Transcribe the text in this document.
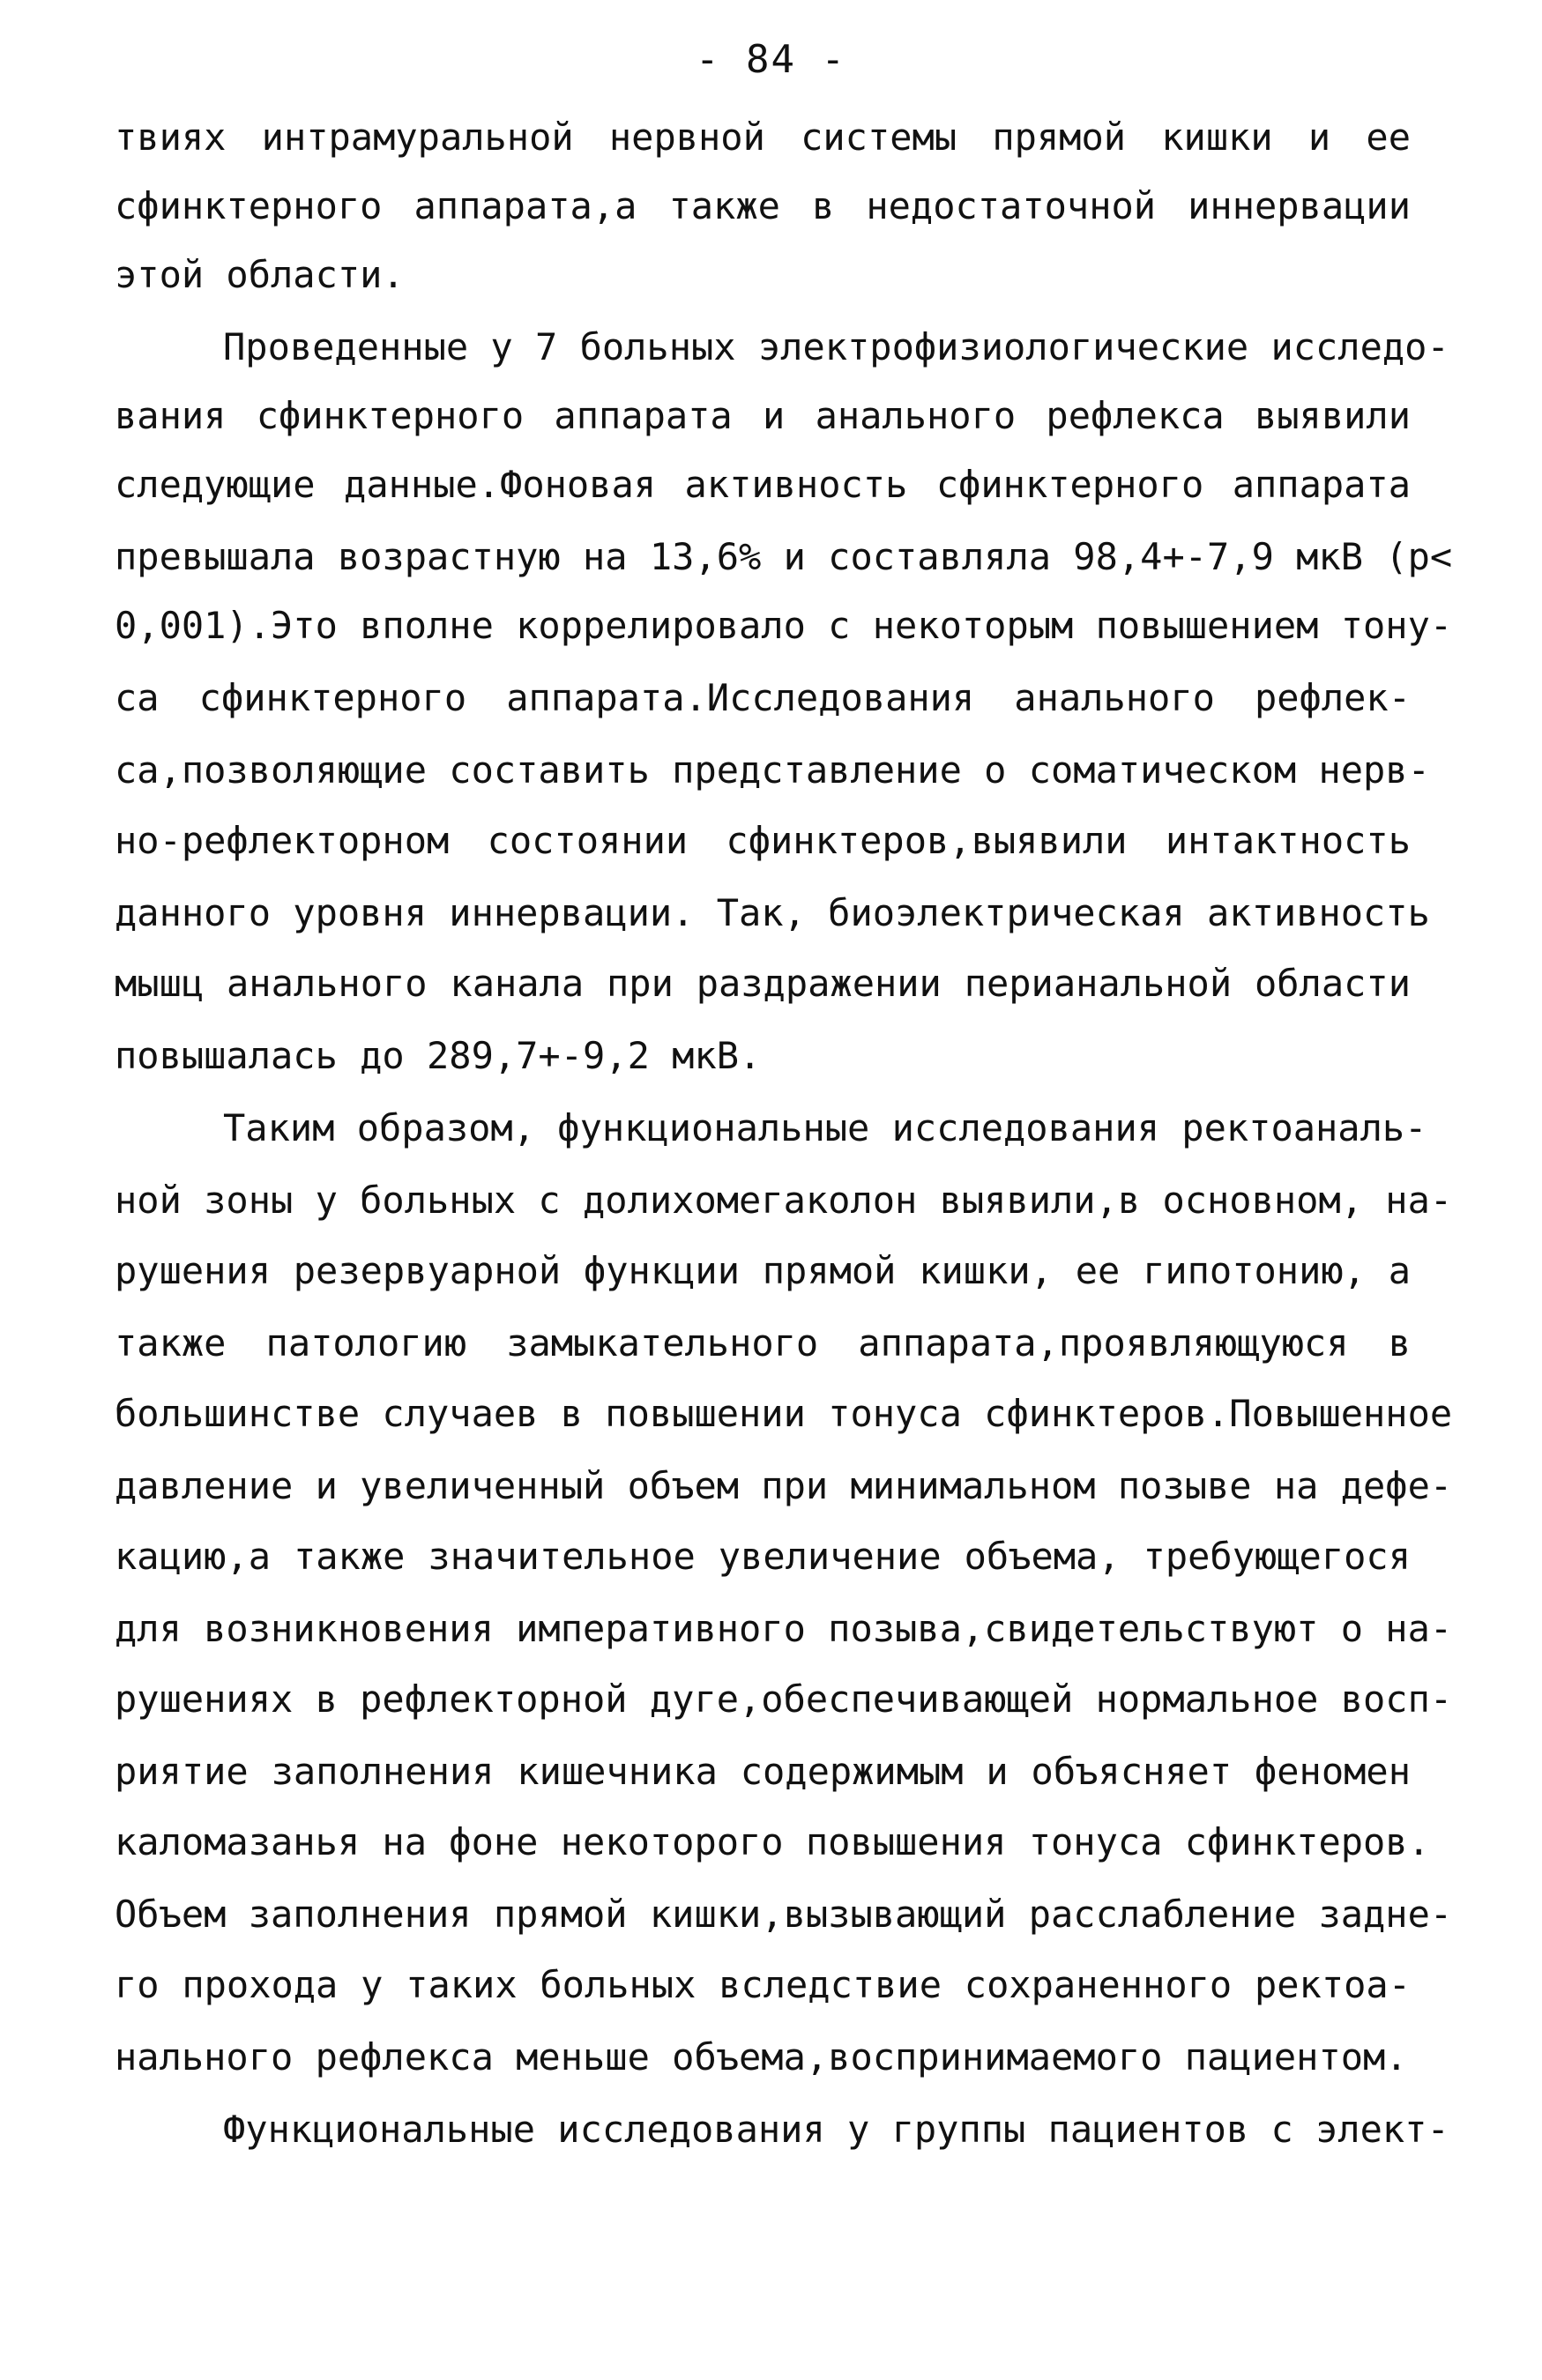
- 84 -
твиях интрамуральной нервной системы прямой кишки и ее
сфинктерного аппарата,а также в недостаточной иннервации
этой области.
Проведенные у 7 больных электрофизиологические исследо-
вания сфинктерного аппарата и анального рефлекса выявили
следующие данные.Фоновая активность сфинктерного аппарата
превышала возрастную на 13,6% и составляла 98,4+-7,9 мкВ (р<
0,001).Это вполне коррелировало с некоторым повышением тону-
са сфинктерного аппарата.Исследования анального рефлек-
са,позволяющие составить представление о соматическом нерв-
но-рефлекторном состоянии сфинктеров,выявили интактность
данного уровня иннервации. Так, биоэлектрическая активность
мышц анального канала при раздражении перианальной области
повышалась до 289,7+-9,2 мкВ.
Таким образом, функциональные исследования ректоаналь-
ной зоны у больных с долихомегаколон выявили,в основном, на-
рушения резервуарной функции прямой кишки, ее гипотонию, а
также патологию замыкательного аппарата,проявляющуюся в
большинстве случаев в повышении тонуса сфинктеров.Повышенное
давление и увеличенный объем при минимальном позыве на дефе-
кацию,а также значительное увеличение объема, требующегося
для возникновения императивного позыва,свидетельствуют о на-
рушениях в рефлекторной дуге,обеспечивающей нормальное восп-
риятие заполнения кишечника содержимым и объясняет феномен
каломазанья на фоне некоторого повышения тонуса сфинктеров.
Объем заполнения прямой кишки,вызывающий расслабление задне-
го прохода у таких больных вследствие сохраненного ректоа-
нального рефлекса меньше объема,воспринимаемого пациентом.
Функциональные исследования у группы пациентов с элект-
